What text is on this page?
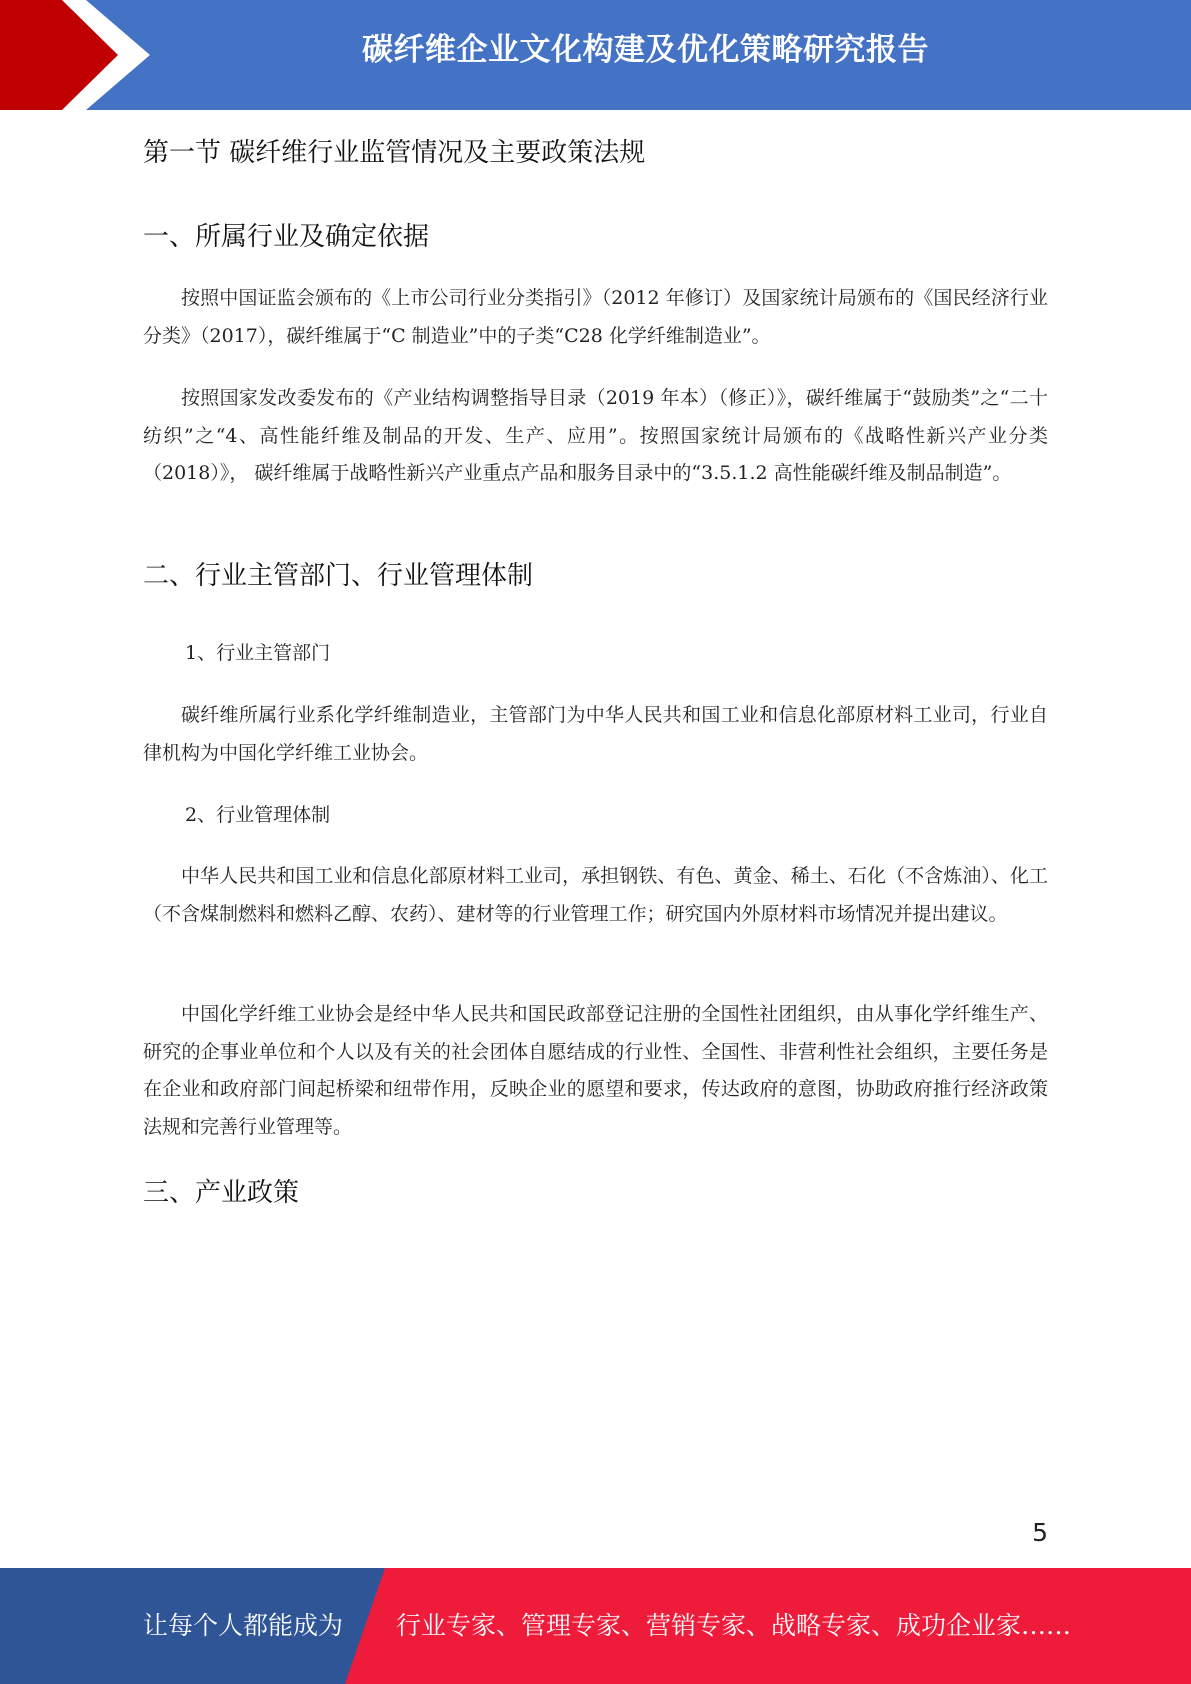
碳纤维企业文化构建及优化策略研究报告
第一节 碳纤维行业监管情况及主要政策法规
一、所属行业及确定依据

按照中国证监会颁布的《上市公司行业分类指引》（2012 年修订）及国家统计局颁布的《国民经济行业分类》（2017），碳纤维属于“C 制造业”中的子类“C28 化学纤维制造业”。

按照国家发改委发布的《产业结构调整指导目录（2019 年本）（修正）》，碳纤维属于“鼓励类”之“二十纺织”之“4、高性能纤维及制品的开发、生产、应用”。按照国家统计局颁布的《战略性新兴产业分类（2018）》， 碳纤维属于战略性新兴产业重点产品和服务目录中的“3.5.1.2 高性能碳纤维及制品制造”。

二、行业主管部门、行业管理体制
1、行业主管部门

碳纤维所属行业系化学纤维制造业，主管部门为中华人民共和国工业和信息化部原材料工业司，行业自律机构为中国化学纤维工业协会。

2、行业管理体制

中华人民共和国工业和信息化部原材料工业司，承担钢铁、有色、黄金、稀土、石化（不含炼油）、化工（不含煤制燃料和燃料乙醇、农药）、建材等的行业管理工作；研究国内外原材料市场情况并提出建议。

中国化学纤维工业协会是经中华人民共和国民政部登记注册的全国性社团组织，由从事化学纤维生产、研究的企事业单位和个人以及有关的社会团体自愿结成的行业性、全国性、非营利性社会组织，主要任务是在企业和政府部门间起桥梁和纽带作用，反映企业的愿望和要求，传达政府的意图，协助政府推行经济政策法规和完善行业管理等。

三、产业政策
5
让每个人都能成为 行业专家、管理专家、营销专家、战略专家、成功企业家……
